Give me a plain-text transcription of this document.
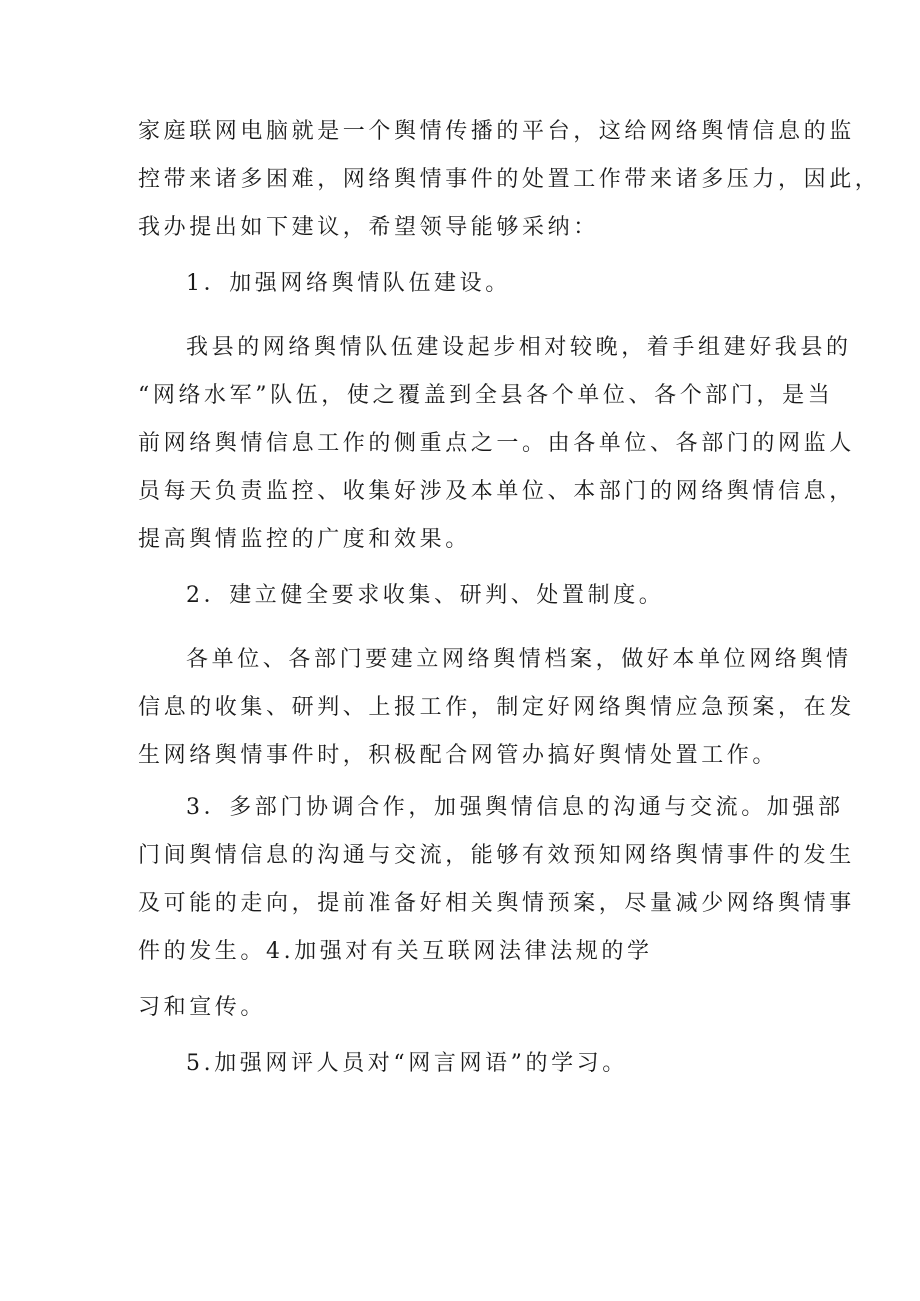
家庭联网电脑就是一个舆情传播的平台，这给网络舆情信息的监
控带来诸多困难，网络舆情事件的处置工作带来诸多压力，因此，
我办提出如下建议，希望领导能够采纳：
1．加强网络舆情队伍建设。
我县的网络舆情队伍建设起步相对较晚，着手组建好我县的
“网络水军”队伍，使之覆盖到全县各个单位、各个部门，是当
前网络舆情信息工作的侧重点之一。由各单位、各部门的网监人
员每天负责监控、收集好涉及本单位、本部门的网络舆情信息，
提高舆情监控的广度和效果。
2．建立健全要求收集、研判、处置制度。
各单位、各部门要建立网络舆情档案，做好本单位网络舆情
信息的收集、研判、上报工作，制定好网络舆情应急预案，在发
生网络舆情事件时，积极配合网管办搞好舆情处置工作。
3．多部门协调合作，加强舆情信息的沟通与交流。加强部
门间舆情信息的沟通与交流，能够有效预知网络舆情事件的发生
及可能的走向，提前准备好相关舆情预案，尽量减少网络舆情事
件的发生。4.加强对有关互联网法律法规的学
习和宣传。
5.加强网评人员对“网言网语”的学习。
